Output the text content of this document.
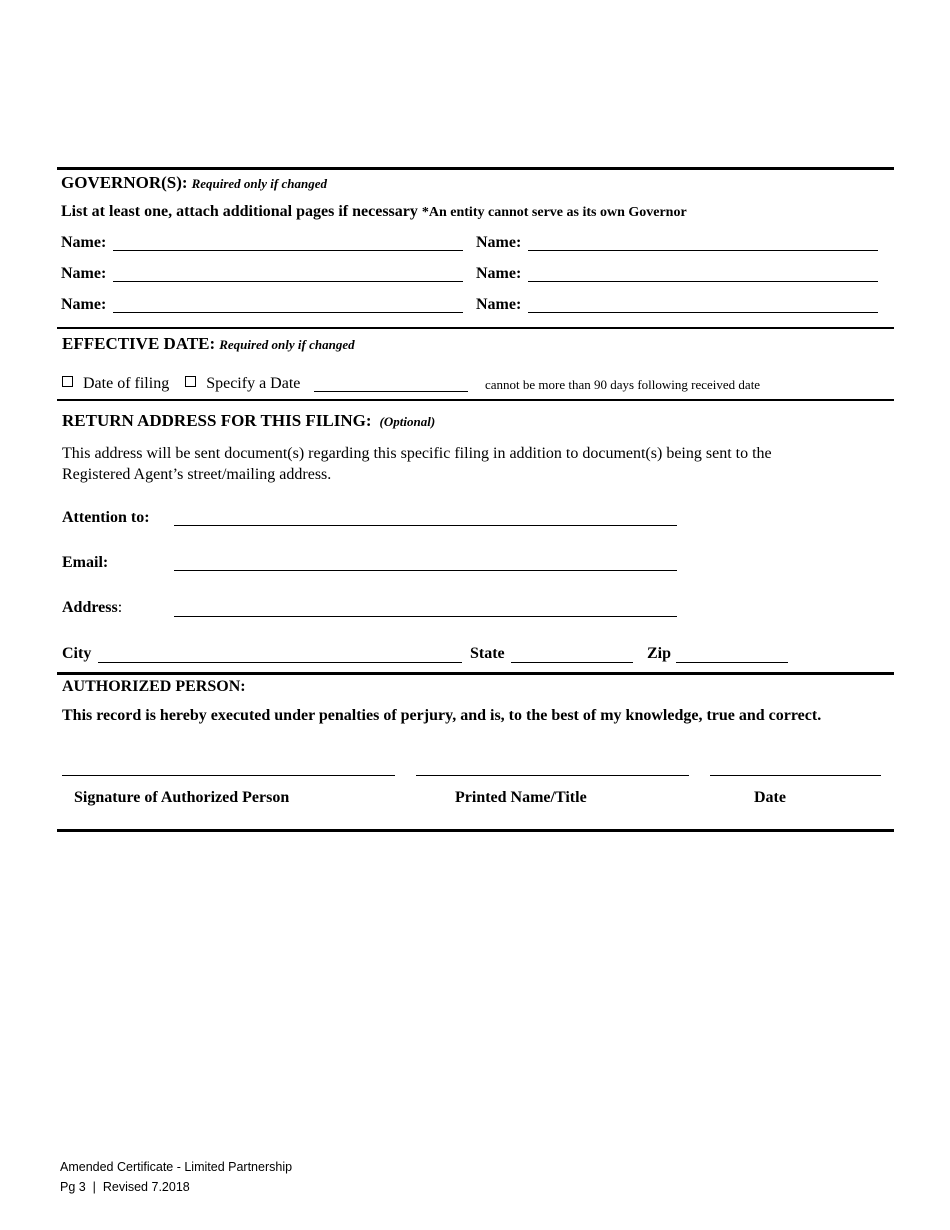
GOVERNOR(S): Required only if changed
List at least one, attach additional pages if necessary *An entity cannot serve as its own Governor
Name:	Name:
Name:	Name:
Name:	Name:
EFFECTIVE DATE: Required only if changed
Date of filing Specify a Date	cannot be more than 90 days following received date
RETURN ADDRESS FOR THIS FILING: (Optional)
This address will be sent document(s) regarding this specific filing in addition to document(s) being sent to the
Registered Agent’s street/mailing address.
Attention to:
Email:
Address:
City	State	Zip
AUTHORIZED PERSON:
This record is hereby executed under penalties of perjury, and is, to the best of my knowledge, true and correct.
Signature of Authorized Person	Printed Name/Title	Date
Amended Certificate - Limited Partnership
Pg 3  |  Revised 7.2018
